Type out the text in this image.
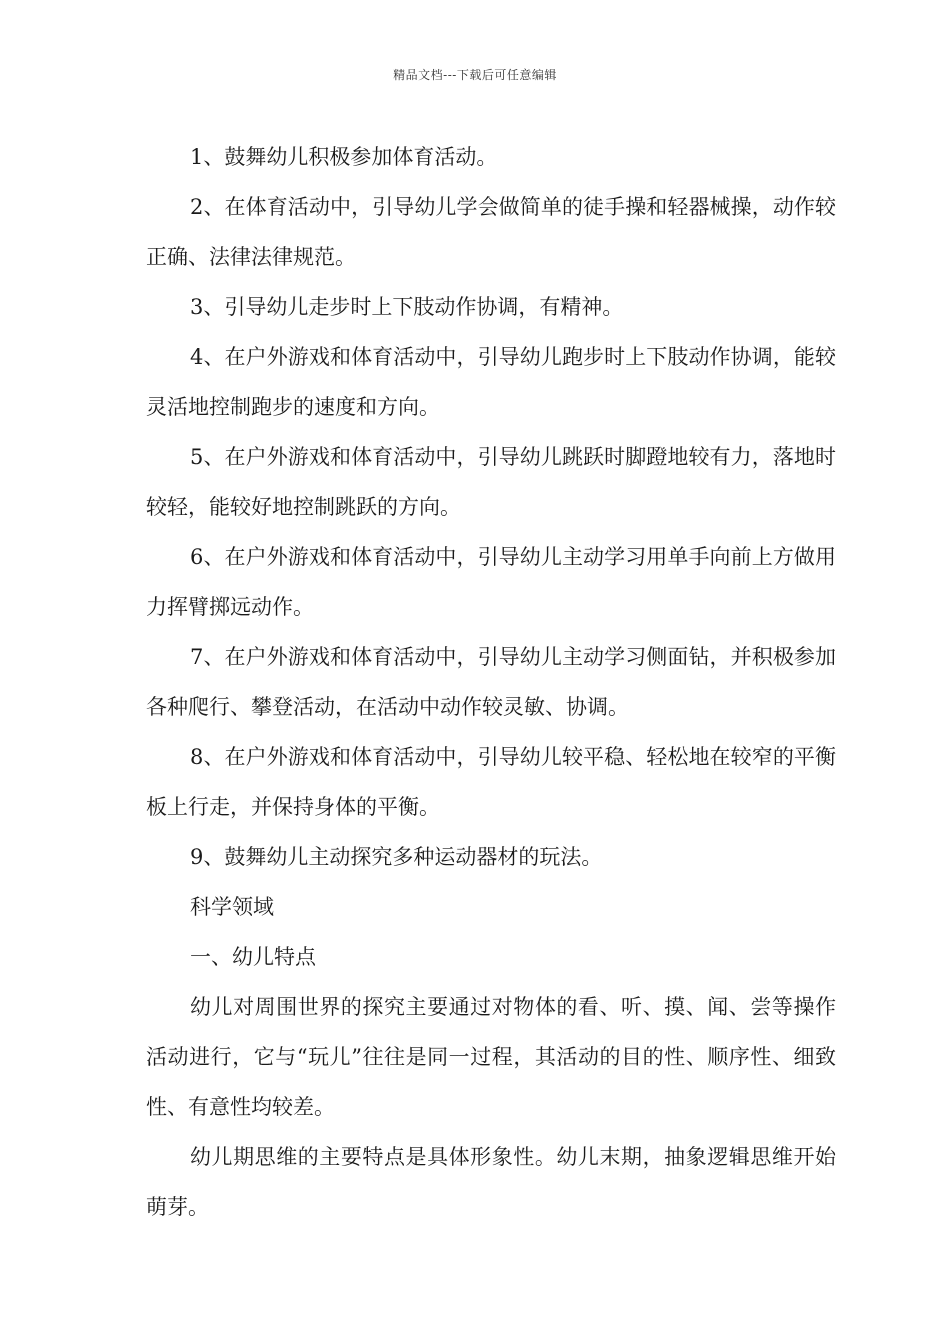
精品文档---下载后可任意编辑

1、鼓舞幼儿积极参加体育活动。

2、在体育活动中，引导幼儿学会做简单的徒手操和轻器械操，动作较正确、法律法律规范。

3、引导幼儿走步时上下肢动作协调，有精神。

4、在户外游戏和体育活动中，引导幼儿跑步时上下肢动作协调，能较灵活地控制跑步的速度和方向。

5、在户外游戏和体育活动中，引导幼儿跳跃时脚蹬地较有力，落地时较轻，能较好地控制跳跃的方向。

6、在户外游戏和体育活动中，引导幼儿主动学习用单手向前上方做用力挥臂掷远动作。

7、在户外游戏和体育活动中，引导幼儿主动学习侧面钻，并积极参加各种爬行、攀登活动，在活动中动作较灵敏、协调。

8、在户外游戏和体育活动中，引导幼儿较平稳、轻松地在较窄的平衡板上行走，并保持身体的平衡。

9、鼓舞幼儿主动探究多种运动器材的玩法。

科学领域

一、幼儿特点

幼儿对周围世界的探究主要通过对物体的看、听、摸、闻、尝等操作活动进行，它与“玩儿”往往是同一过程，其活动的目的性、顺序性、细致性、有意性均较差。

幼儿期思维的主要特点是具体形象性。幼儿末期，抽象逻辑思维开始萌芽。
